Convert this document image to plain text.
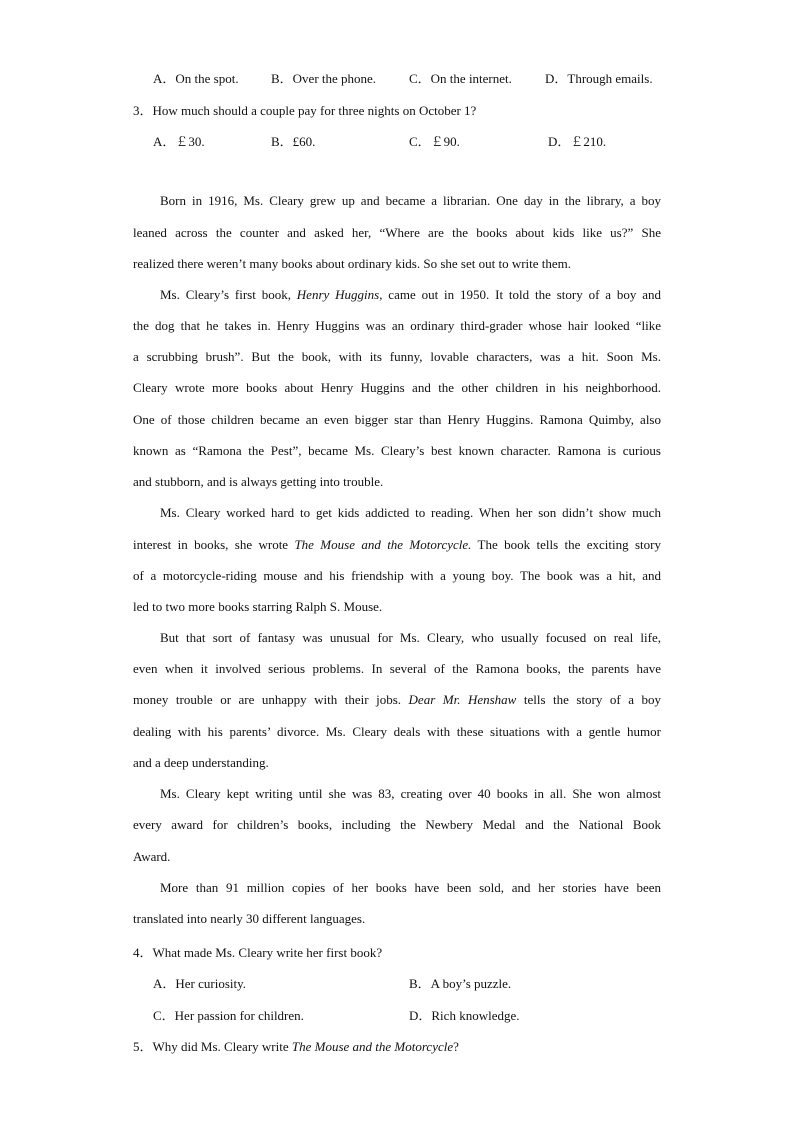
A．On the spot. B．Over the phone.	C．On the internet.	D．Through emails.
3．How much should a couple pay for three nights on October 1?
A．￡30.	B．£60.	C．￡90.	D．￡210.
Born in 1916, Ms. Cleary grew up and became a librarian. One day in the library, a boy
leaned across the counter and asked her, “Where are the books about kids like us?” She
realized there weren’t many books about ordinary kids. So she set out to write them.
Ms. Cleary’s first book, Henry Huggins, came out in 1950. It told the story of a boy and
the dog that he takes in. Henry Huggins was an ordinary third-grader whose hair looked “like
a scrubbing brush”. But the book, with its funny, lovable characters, was a hit. Soon Ms.
Cleary wrote more books about Henry Huggins and the other children in his neighborhood.
One of those children became an even bigger star than Henry Huggins. Ramona Quimby, also
known as “Ramona the Pest”, became Ms. Cleary’s best known character. Ramona is curious
and stubborn, and is always getting into trouble.
Ms. Cleary worked hard to get kids addicted to reading. When her son didn’t show much
interest in books, she wrote The Mouse and the Motorcycle. The book tells the exciting story
of a motorcycle-riding mouse and his friendship with a young boy. The book was a hit, and
led to two more books starring Ralph S. Mouse.
But that sort of fantasy was unusual for Ms. Cleary, who usually focused on real life,
even when it involved serious problems. In several of the Ramona books, the parents have
money trouble or are unhappy with their jobs. Dear Mr. Henshaw tells the story of a boy
dealing with his parents’ divorce. Ms. Cleary deals with these situations with a gentle humor
and a deep understanding.
Ms. Cleary kept writing until she was 83, creating over 40 books in all. She won almost
every award for children’s books, including the Newbery Medal and the National Book
Award.
More than 91 million copies of her books have been sold, and her stories have been
translated into nearly 30 different languages.
4．What made Ms. Cleary write her first book?
A．Her curiosity.	B．A boy’s puzzle.
C．Her passion for children.	D．Rich knowledge.
5．Why did Ms. Cleary write The Mouse and the Motorcycle?
